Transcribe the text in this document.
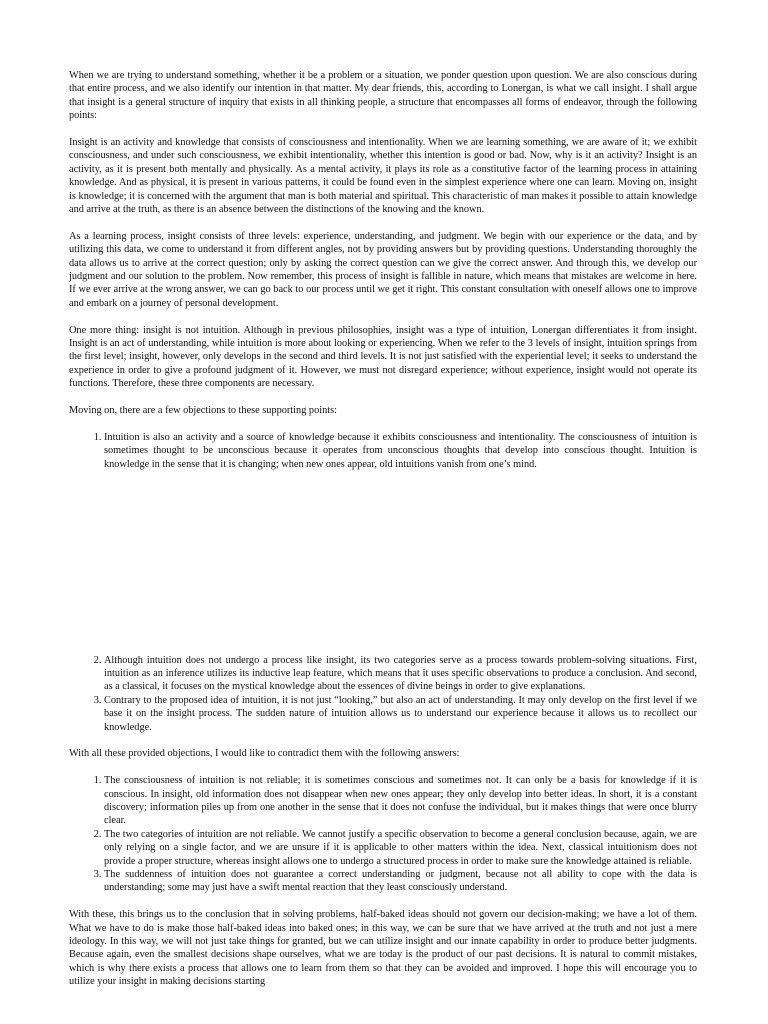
When we are trying to understand something, whether it be a problem or a situation, we ponder question upon question. We are also conscious during that entire process, and we also identify our intention in that matter. My dear friends, this, according to Lonergan, is what we call insight. I shall argue that insight is a general structure of inquiry that exists in all thinking people, a structure that encompasses all forms of endeavor, through the following points:

Insight is an activity and knowledge that consists of consciousness and intentionality. When we are learning something, we are aware of it; we exhibit consciousness, and under such consciousness, we exhibit intentionality, whether this intention is good or bad. Now, why is it an activity? Insight is an activity, as it is present both mentally and physically. As a mental activity, it plays its role as a constitutive factor of the learning process in attaining knowledge. And as physical, it is present in various patterns, it could be found even in the simplest experience where one can learn. Moving on, insight is knowledge; it is concerned with the argument that man is both material and spiritual. This characteristic of man makes it possible to attain knowledge and arrive at the truth, as there is an absence between the distinctions of the knowing and the known.

As a learning process, insight consists of three levels: experience, understanding, and judgment. We begin with our experience or the data, and by utilizing this data, we come to understand it from different angles, not by providing answers but by providing questions. Understanding thoroughly the data allows us to arrive at the correct question; only by asking the correct question can we give the correct answer. And through this, we develop our judgment and our solution to the problem. Now remember, this process of insight is fallible in nature, which means that mistakes are welcome in here. If we ever arrive at the wrong answer, we can go back to our process until we get it right. This constant consultation with oneself allows one to improve and embark on a journey of personal development.

One more thing: insight is not intuition. Although in previous philosophies, insight was a type of intuition, Lonergan differentiates it from insight. Insight is an act of understanding, while intuition is more about looking or experiencing. When we refer to the 3 levels of insight, intuition springs from the first level; insight, however, only develops in the second and third levels. It is not just satisfied with the experiential level; it seeks to understand the experience in order to give a profound judgment of it. However, we must not disregard experience; without experience, insight would not operate its functions. Therefore, these three components are necessary.

Moving on, there are a few objections to these supporting points:

1. Intuition is also an activity and a source of knowledge because it exhibits consciousness and intentionality. The consciousness of intuition is sometimes thought to be unconscious because it operates from unconscious thoughts that develop into conscious thought. Intuition is knowledge in the sense that it is changing; when new ones appear, old intuitions vanish from one’s mind.
2. Although intuition does not undergo a process like insight, its two categories serve as a process towards problem-solving situations. First, intuition as an inference utilizes its inductive leap feature, which means that it uses specific observations to produce a conclusion. And second, as a classical, it focuses on the mystical knowledge about the essences of divine beings in order to give explanations.
3. Contrary to the proposed idea of intuition, it is not just “looking,” but also an act of understanding. It may only develop on the first level if we base it on the insight process. The sudden nature of intuition allows us to understand our experience because it allows us to recollect our knowledge.

With all these provided objections, I would like to contradict them with the following answers:

1. The consciousness of intuition is not reliable; it is sometimes conscious and sometimes not. It can only be a basis for knowledge if it is conscious. In insight, old information does not disappear when new ones appear; they only develop into better ideas. In short, it is a constant discovery; information piles up from one another in the sense that it does not confuse the individual, but it makes things that were once blurry clear.
2. The two categories of intuition are not reliable. We cannot justify a specific observation to become a general conclusion because, again, we are only relying on a single factor, and we are unsure if it is applicable to other matters within the idea. Next, classical intuitionism does not provide a proper structure, whereas insight allows one to undergo a structured process in order to make sure the knowledge attained is reliable.
3. The suddenness of intuition does not guarantee a correct understanding or judgment, because not all ability to cope with the data is understanding; some may just have a swift mental reaction that they least consciously understand.

With these, this brings us to the conclusion that in solving problems, half-baked ideas should not govern our decision-making; we have a lot of them. What we have to do is make those half-baked ideas into baked ones; in this way, we can be sure that we have arrived at the truth and not just a mere ideology. In this way, we will not just take things for granted, but we can utilize insight and our innate capability in order to produce better judgments. Because again, even the smallest decisions shape ourselves, what we are today is the product of our past decisions. It is natural to commit mistakes, which is why there exists a process that allows one to learn from them so that they can be avoided and improved. I hope this will encourage you to utilize your insight in making decisions starting
